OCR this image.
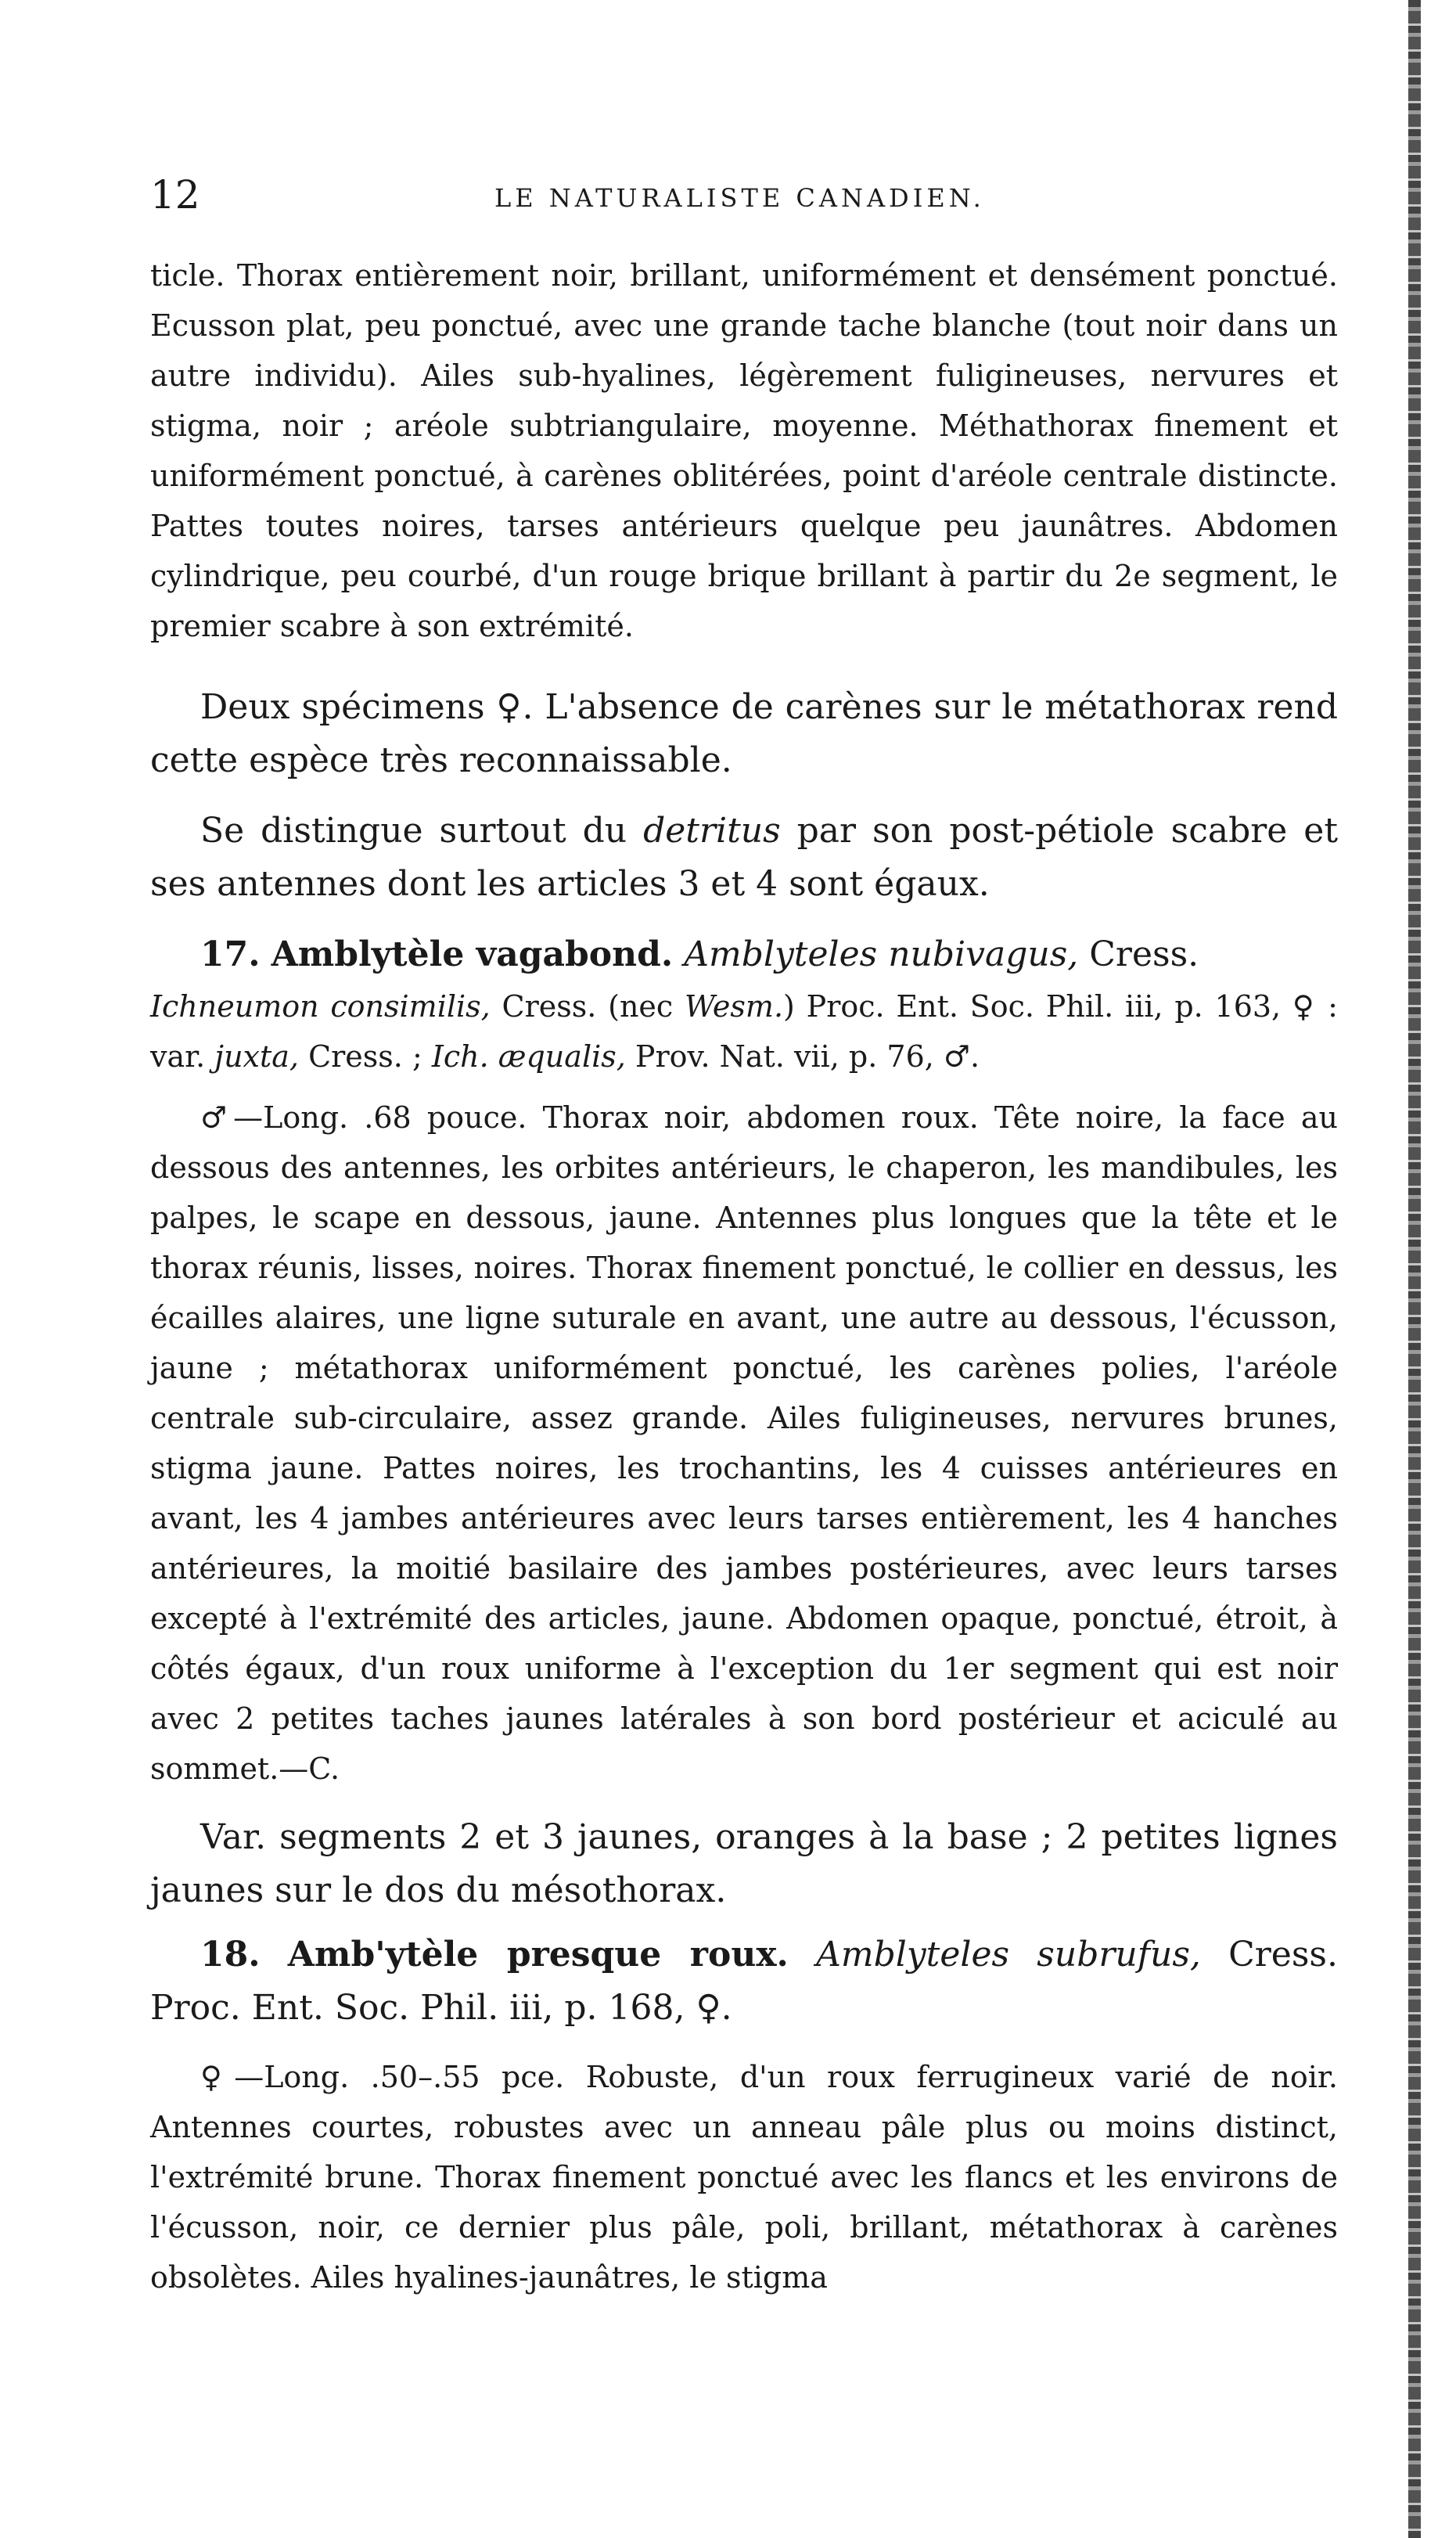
12	LE NATURALISTE CANADIEN.

ticle. Thorax entièrement noir, brillant, uniformément et densément ponctué. Ecusson plat, peu ponctué, avec une grande tache blanche (tout noir dans un autre individu). Ailes sub-hyalines, légèrement fuligineuses, nervures et stigma, noir ; aréole subtriangulaire, moyenne. Méthathorax finement et uniformément ponctué, à carènes oblitérées, point d'aréole centrale distincte. Pattes toutes noires, tarses antérieurs quelque peu jaunâtres. Abdomen cylindrique, peu courbé, d'un rouge brique brillant à partir du 2e segment, le premier scabre à son extrémité.

Deux spécimens ♀. L'absence de carènes sur le métathorax rend cette espèce très reconnaissable.

Se distingue surtout du detritus par son post-pétiole scabre et ses antennes dont les articles 3 et 4 sont égaux.

17. Amblytèle vagabond. Amblyteles nubivagus, Cress.

Ichneumon consimilis, Cress. (nec Wesm.) Proc. Ent. Soc. Phil. iii, p. 163, ♀ : var. juxta, Cress. ; Ich. æqualis, Prov. Nat. vii, p. 76, ♂.

♂—Long. .68 pouce. Thorax noir, abdomen roux. Tête noire, la face au dessous des antennes, les orbites antérieurs, le chaperon, les mandibules, les palpes, le scape en dessous, jaune. Antennes plus longues que la tête et le thorax réunis, lisses, noires. Thorax finement ponctué, le collier en dessus, les écailles alaires, une ligne suturale en avant, une autre au dessous, l'écusson, jaune ; métathorax uniformément ponctué, les carènes polies, l'aréole centrale sub-circulaire, assez grande. Ailes fuligineuses, nervures brunes, stigma jaune. Pattes noires, les trochantins, les 4 cuisses antérieures en avant, les 4 jambes antérieures avec leurs tarses entièrement, les 4 hanches antérieures, la moitié basilaire des jambes postérieures, avec leurs tarses excepté à l'extrémité des articles, jaune. Abdomen opaque, ponctué, étroit, à côtés égaux, d'un roux uniforme à l'exception du 1er segment qui est noir avec 2 petites taches jaunes latérales à son bord postérieur et aciculé au sommet.—C.

Var. segments 2 et 3 jaunes, oranges à la base ; 2 petites lignes jaunes sur le dos du mésothorax.

18. Amb'ytèle presque roux. Amblyteles subrufus, Cress. Proc. Ent. Soc. Phil. iii, p. 168, ♀.

♀—Long. .50–.55 pce. Robuste, d'un roux ferrugineux varié de noir. Antennes courtes, robustes avec un anneau pâle plus ou moins distinct, l'extrémité brune. Thorax finement ponctué avec les flancs et les environs de l'écusson, noir, ce dernier plus pâle, poli, brillant, métathorax à carènes obsolètes. Ailes hyalines-jaunâtres, le stigma
